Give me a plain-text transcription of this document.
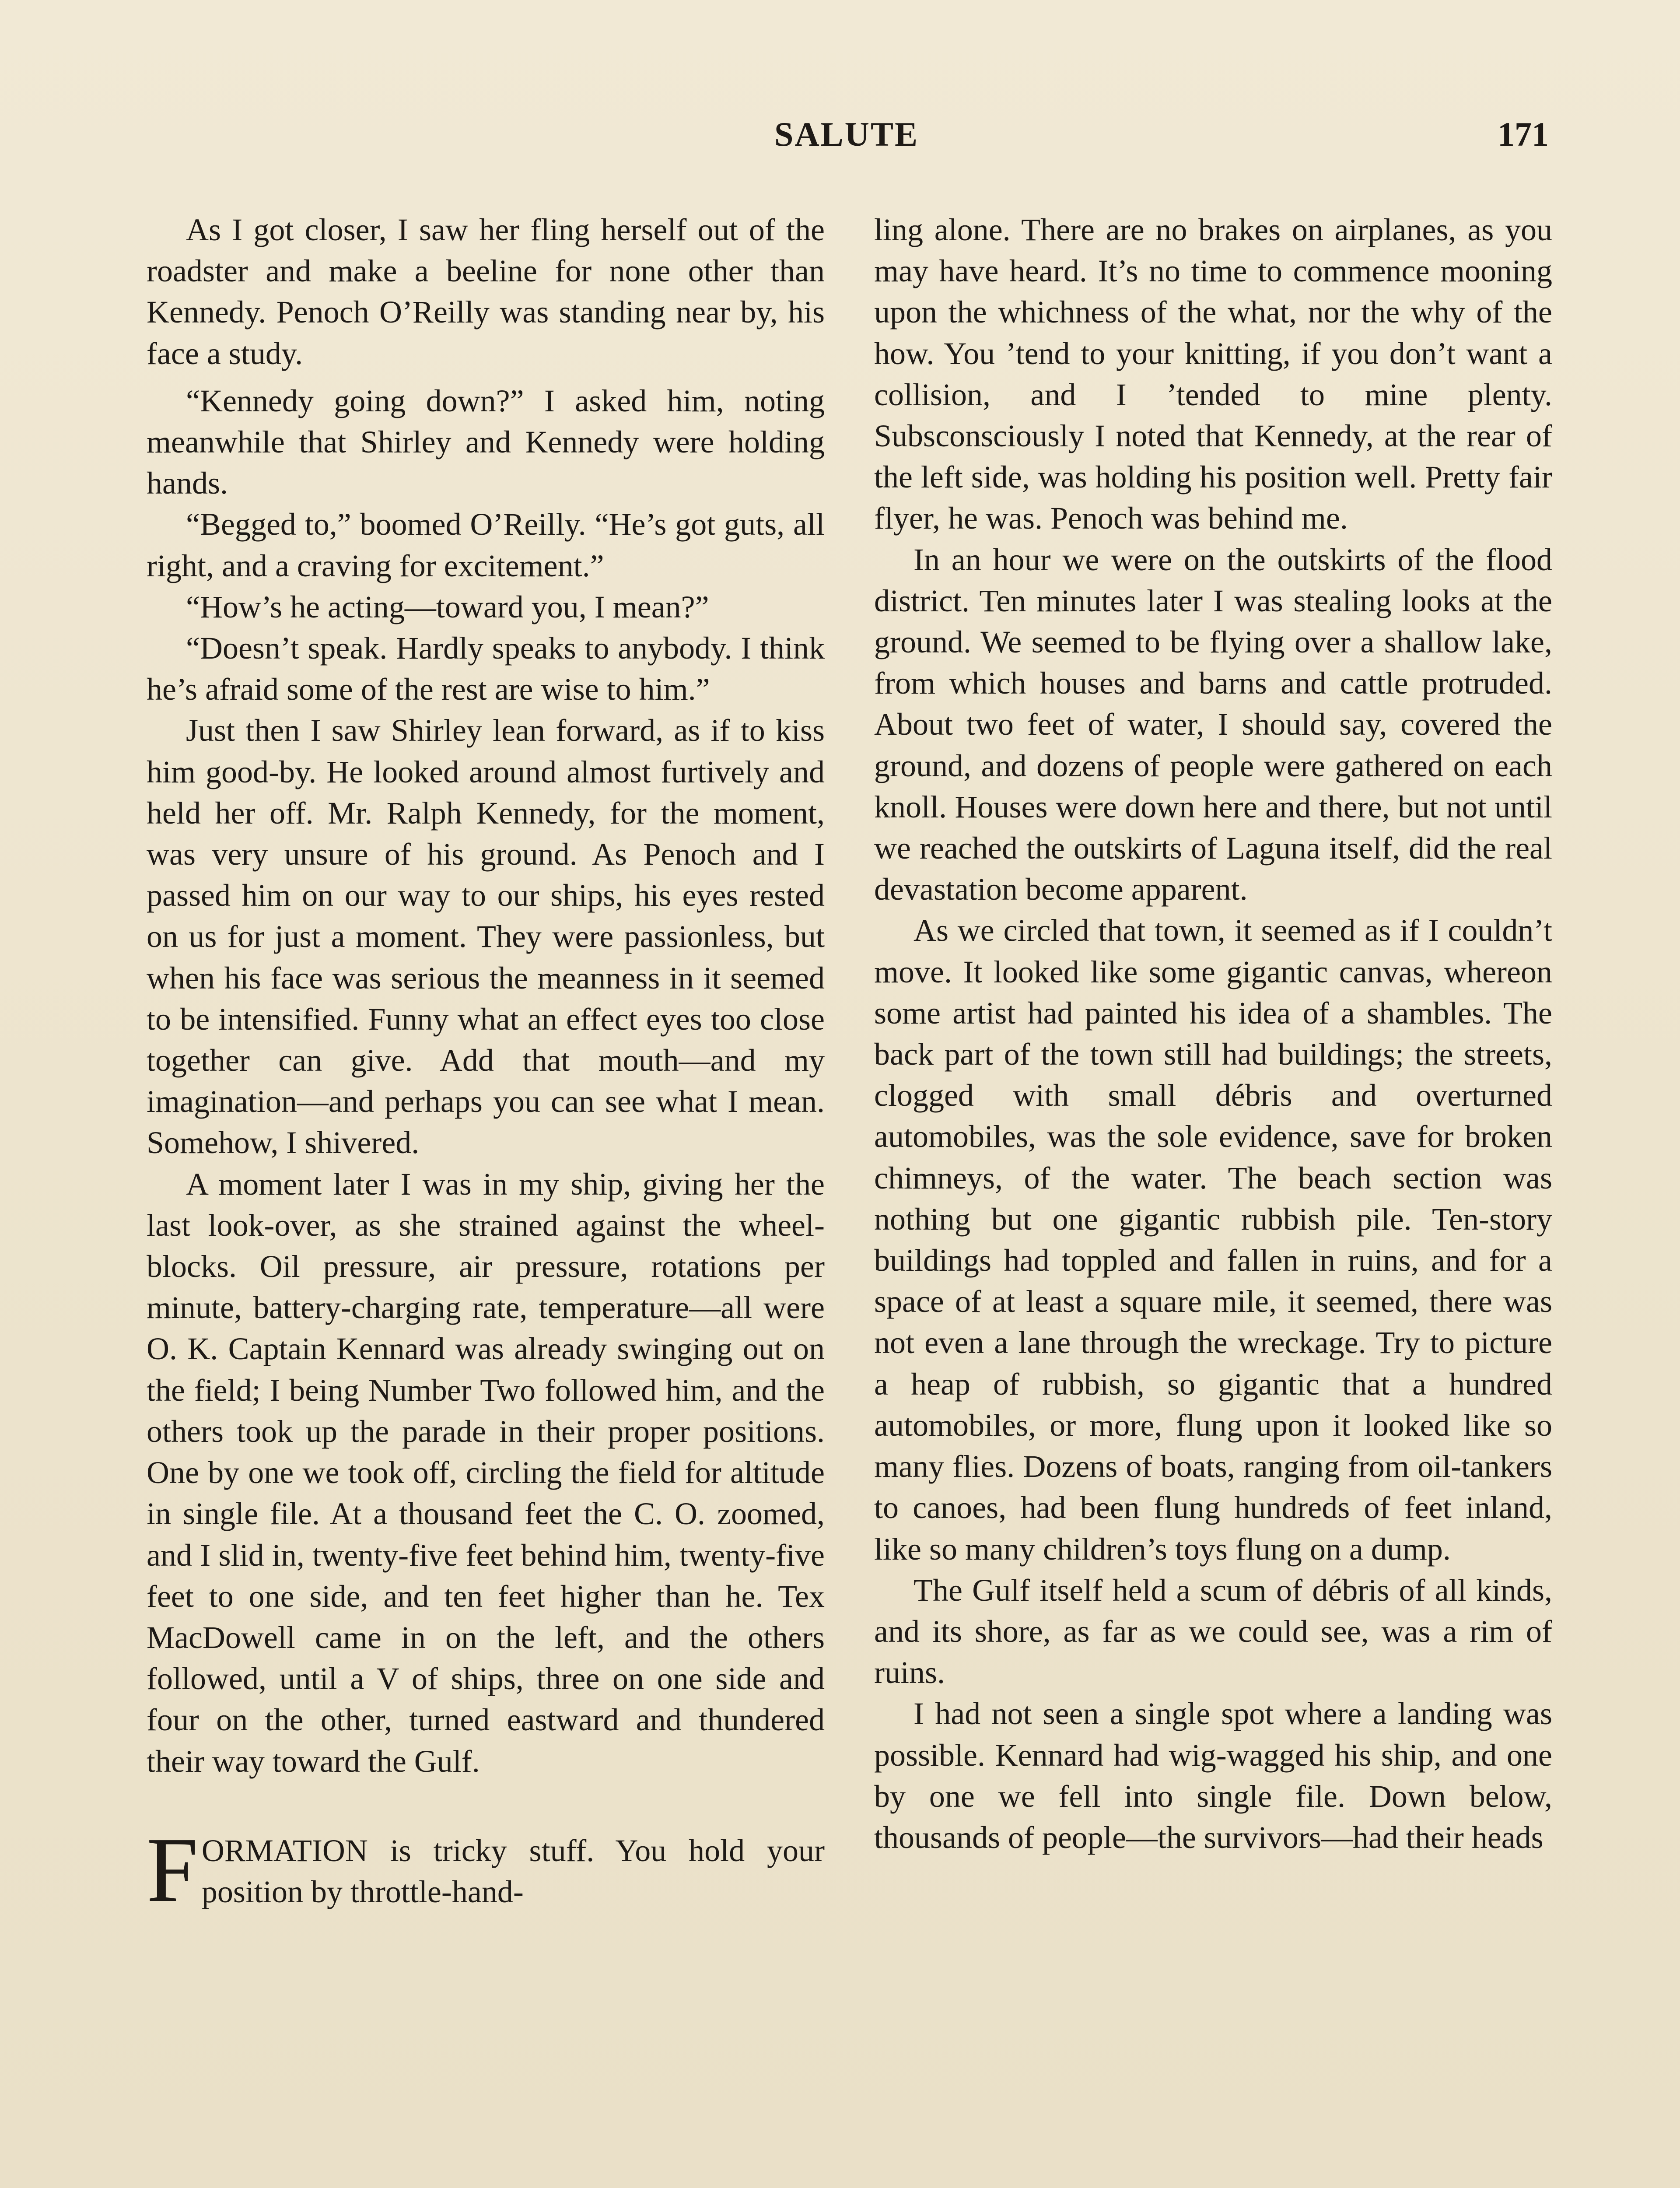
SALUTE	171

As I got closer, I saw her fling herself out of the roadster and make a beeline for none other than Kennedy. Penoch O’Reilly was standing near by, his face a study.

“Kennedy going down?” I asked him, noting meanwhile that Shirley and Kennedy were holding hands.

“Begged to,” boomed O’Reilly. “He’s got guts, all right, and a craving for excitement.”

“How’s he acting—toward you, I mean?”

“Doesn’t speak. Hardly speaks to anybody. I think he’s afraid some of the rest are wise to him.”

Just then I saw Shirley lean forward, as if to kiss him good-by. He looked around almost furtively and held her off. Mr. Ralph Kennedy, for the moment, was very unsure of his ground. As Penoch and I passed him on our way to our ships, his eyes rested on us for just a moment. They were passionless, but when his face was serious the meanness in it seemed to be intensified. Funny what an effect eyes too close together can give. Add that mouth—and my imagination—and perhaps you can see what I mean. Somehow, I shivered.

A moment later I was in my ship, giving her the last look-over, as she strained against the wheel-blocks. Oil pressure, air pressure, rotations per minute, battery-charging rate, temperature—all were O. K. Captain Kennard was already swinging out on the field; I being Number Two followed him, and the others took up the parade in their proper positions. One by one we took off, circling the field for altitude in single file. At a thousand feet the C. O. zoomed, and I slid in, twenty-five feet behind him, twenty-five feet to one side, and ten feet higher than he. Tex MacDowell came in on the left, and the others followed, until a V of ships, three on one side and four on the other, turned eastward and thundered their way toward the Gulf.

FORMATION is tricky stuff. You hold your position by throttle-hand-

ling alone. There are no brakes on airplanes, as you may have heard. It’s no time to commence mooning upon the whichness of the what, nor the why of the how. You ’tend to your knitting, if you don’t want a collision, and I ’tended to mine plenty. Subsconsciously I noted that Kennedy, at the rear of the left side, was holding his position well. Pretty fair flyer, he was. Penoch was behind me.

In an hour we were on the outskirts of the flood district. Ten minutes later I was stealing looks at the ground. We seemed to be flying over a shallow lake, from which houses and barns and cattle protruded. About two feet of water, I should say, covered the ground, and dozens of people were gathered on each knoll. Houses were down here and there, but not until we reached the outskirts of Laguna itself, did the real devastation become apparent.

As we circled that town, it seemed as if I couldn’t move. It looked like some gigantic canvas, whereon some artist had painted his idea of a shambles. The back part of the town still had buildings; the streets, clogged with small débris and overturned automobiles, was the sole evidence, save for broken chimneys, of the water. The beach section was nothing but one gigantic rubbish pile. Ten-story buildings had toppled and fallen in ruins, and for a space of at least a square mile, it seemed, there was not even a lane through the wreckage. Try to picture a heap of rubbish, so gigantic that a hundred automobiles, or more, flung upon it looked like so many flies. Dozens of boats, ranging from oil-tankers to canoes, had been flung hundreds of feet inland, like so many children’s toys flung on a dump.

The Gulf itself held a scum of débris of all kinds, and its shore, as far as we could see, was a rim of ruins.

I had not seen a single spot where a landing was possible. Kennard had wig-wagged his ship, and one by one we fell into single file. Down below, thousands of people—the survivors—had their heads
